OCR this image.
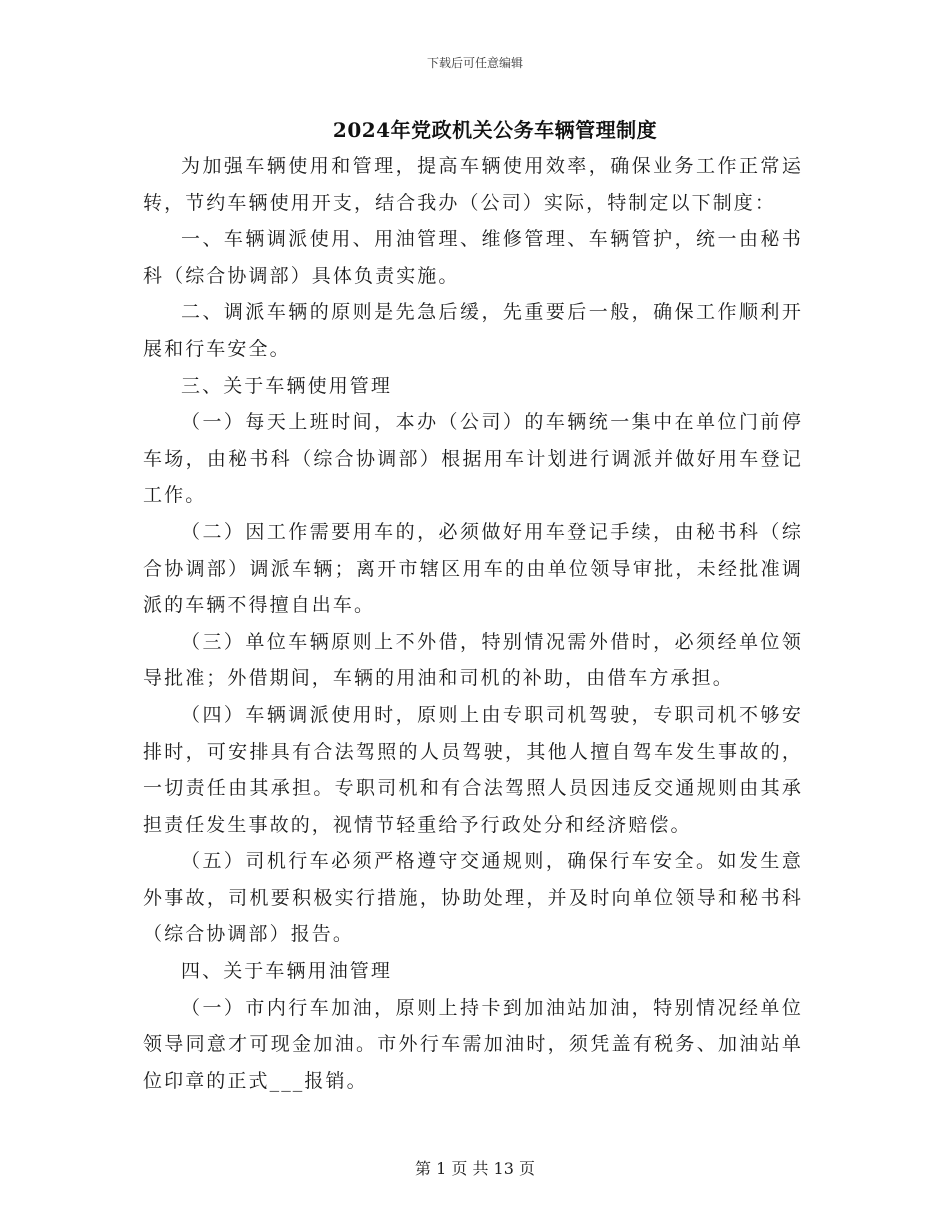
下载后可任意编辑
2024年党政机关公务车辆管理制度

为加强车辆使用和管理，提高车辆使用效率，确保业务工作正常运转，节约车辆使用开支，结合我办（公司）实际，特制定以下制度：

一、车辆调派使用、用油管理、维修管理、车辆管护，统一由秘书科（综合协调部）具体负责实施。

二、调派车辆的原则是先急后缓，先重要后一般，确保工作顺利开展和行车安全。

三、关于车辆使用管理

（一）每天上班时间，本办（公司）的车辆统一集中在单位门前停车场，由秘书科（综合协调部）根据用车计划进行调派并做好用车登记工作。

（二）因工作需要用车的，必须做好用车登记手续，由秘书科（综合协调部）调派车辆；离开市辖区用车的由单位领导审批，未经批准调派的车辆不得擅自出车。

（三）单位车辆原则上不外借，特别情况需外借时，必须经单位领导批准；外借期间，车辆的用油和司机的补助，由借车方承担。

（四）车辆调派使用时，原则上由专职司机驾驶，专职司机不够安排时，可安排具有合法驾照的人员驾驶，其他人擅自驾车发生事故的，一切责任由其承担。专职司机和有合法驾照人员因违反交通规则由其承担责任发生事故的，视情节轻重给予行政处分和经济赔偿。

（五）司机行车必须严格遵守交通规则，确保行车安全。如发生意外事故，司机要积极实行措施，协助处理，并及时向单位领导和秘书科（综合协调部）报告。

四、关于车辆用油管理

（一）市内行车加油，原则上持卡到加油站加油，特别情况经单位领导同意才可现金加油。市外行车需加油时，须凭盖有税务、加油站单位印章的正式___报销。

第 1 页 共 13 页
